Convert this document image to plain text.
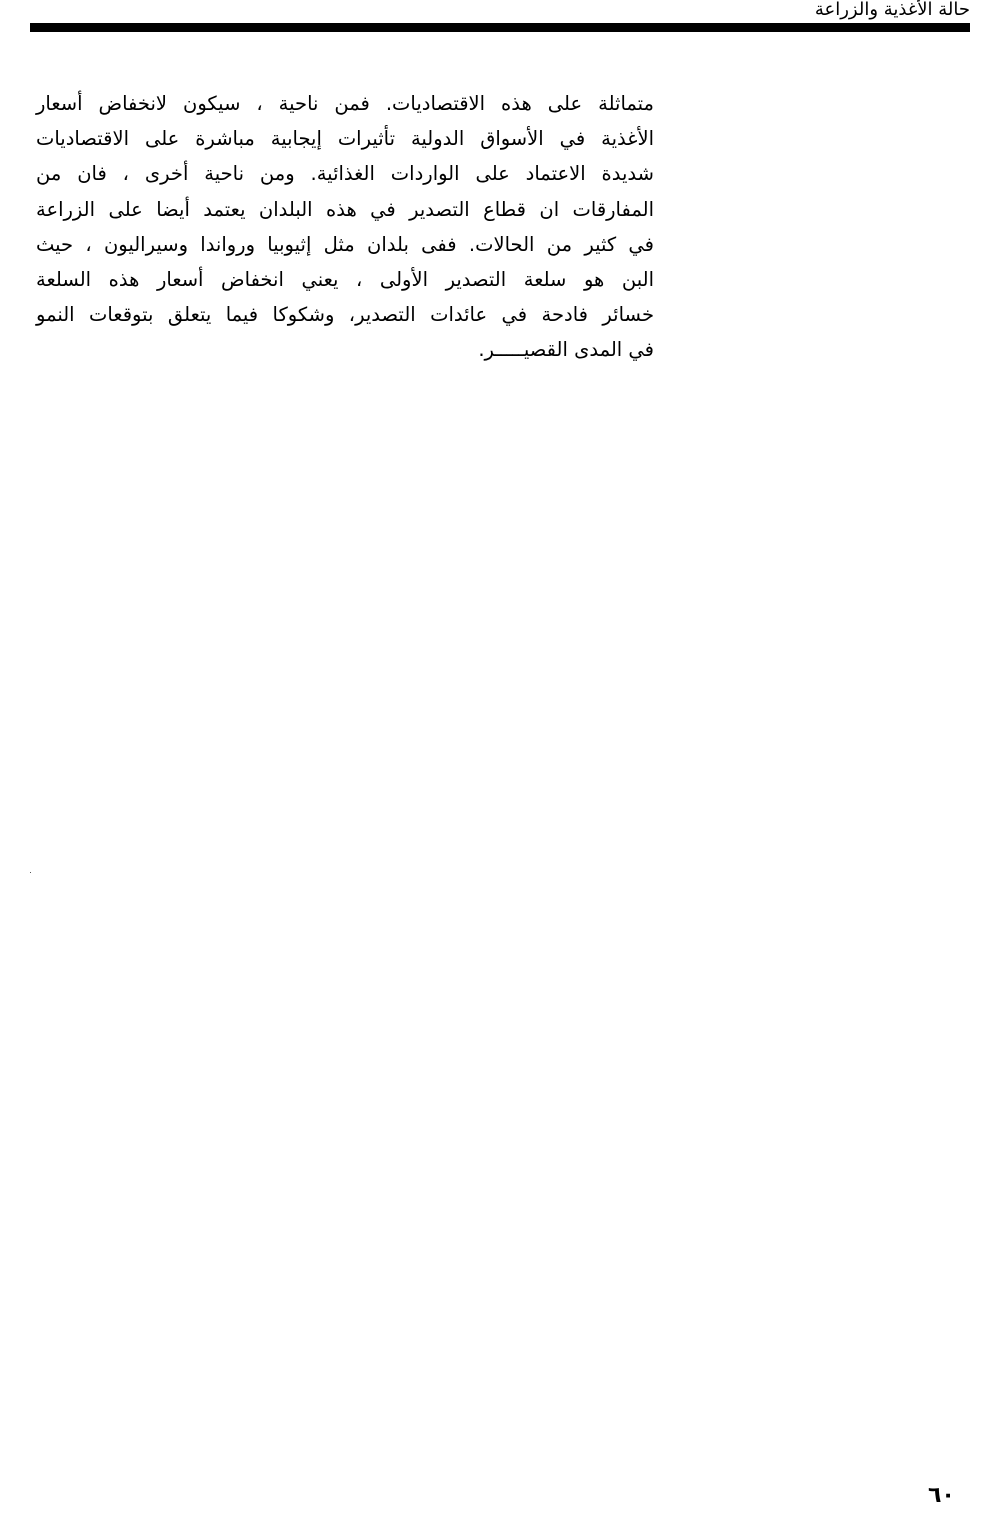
حالة الأغذية والزراعة
متماثلة على هذه الاقتصاديات. فمن ناحية ، سيكون لانخفاض أسعار
الأغذية في الأسواق الدولية تأثيرات إيجابية مباشرة على الاقتصاديات
شديدة الاعتماد على الواردات الغذائية. ومن ناحية أخرى ، فان من
المفارقات ان قطاع التصدير في هذه البلدان يعتمد أيضا على الزراعة
في كثير من الحالات. ففى بلدان مثل إثيوبيا ورواندا وسيراليون ، حيث
البن هو سلعة التصدير الأولى ، يعني انخفاض أسعار هذه السلعة
خسائر فادحة في عائدات التصدير، وشكوكا فيما يتعلق بتوقعات النمو
في المدى القصيـــــر.
٦٠
